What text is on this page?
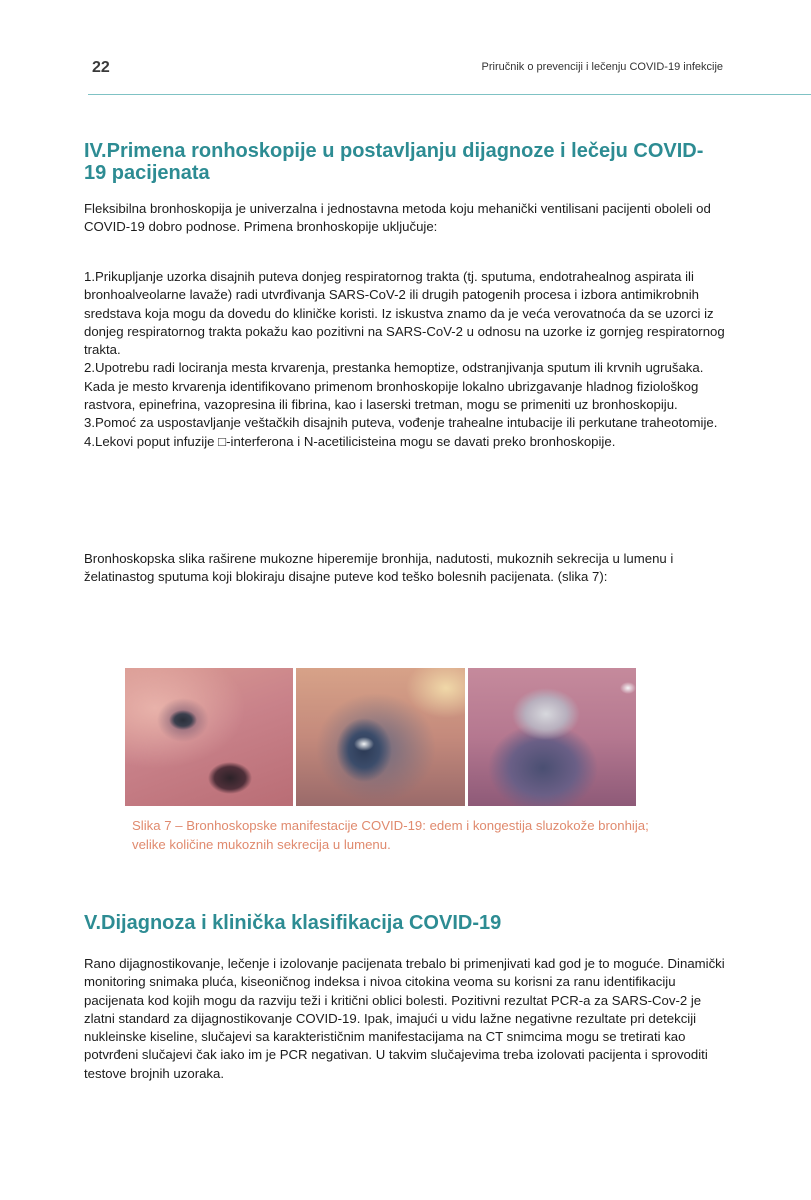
22	Priručnik o prevenciji i lečenju COVID-19 infekcije
IV.Primena ronhoskopije u postavljanju dijagnoze i lečeju COVID-19 pacijenata

Fleksibilna bronhoskopija je univerzalna i jednostavna metoda koju mehanički ventilisani pacijenti oboleli od COVID-19 dobro podnose. Primena bronhoskopije uključuje:

1.Prikupljanje uzorka disajnih puteva donjeg respiratornog trakta (tj. sputuma, endotrahealnog aspirata ili bronhoalveolarne lavaže) radi utvrđivanja SARS-CoV-2 ili drugih patogenih procesa i izbora antimikrobnih sredstava koja mogu da dovedu do kliničke koristi. Iz iskustva znamo da je veća verovatnoća da se uzorci iz donjeg respiratornog trakta pokažu kao pozitivni na SARS-CoV-2 u odnosu na uzorke iz gornjeg respiratornog trakta.
2.Upotrebu radi lociranja mesta krvarenja, prestanka hemoptize, odstranjivanja sputum ili krvnih ugrušaka. Kada je mesto krvarenja identifikovano primenom bronhoskopije lokalno ubrizgavanje hladnog fiziološkog rastvora, epinefrina, vazopresina ili fibrina, kao i laserski tretman, mogu se primeniti uz bronhoskopiju.
3.Pomoć za uspostavljanje veštačkih disajnih puteva, vođenje trahealne intubacije ili perkutane traheotomije.
4.Lekovi poput infuzije □-interferona i N-acetilicisteina mogu se davati preko bronhoskopije.

Bronhoskopska slika raširene mukozne hiperemije bronhija, nadutosti, mukoznih sekrecija u lumenu i želatinastog sputuma koji blokiraju disajne puteve kod teško bolesnih pacijenata. (slika 7):

Slika 7 – Bronhoskopske manifestacije COVID-19: edem i kongestija sluzokože bronhija; velike količine mukoznih sekrecija u lumenu.

V.Dijagnoza i klinička klasifikacija COVID-19

Rano dijagnostikovanje, lečenje i izolovanje pacijenata trebalo bi primenjivati kad god je to moguće. Dinamički monitoring snimaka pluća, kiseoničnog indeksa i nivoa citokina veoma su korisni za ranu identifikaciju pacijenata kod kojih mogu da razviju teži i kritični oblici bolesti. Pozitivni rezultat PCR-a za SARS-Cov-2 je zlatni standard za dijagnostikovanje COVID-19. Ipak, imajući u vidu lažne negativne rezultate pri detekciji nukleinske kiseline, slučajevi sa karakterističnim manifestacijama na CT snimcima mogu se tretirati kao potvrđeni slučajevi čak iako im je PCR negativan. U takvim slučajevima treba izolovati pacijenta i sprovoditi testove brojnih uzoraka.
